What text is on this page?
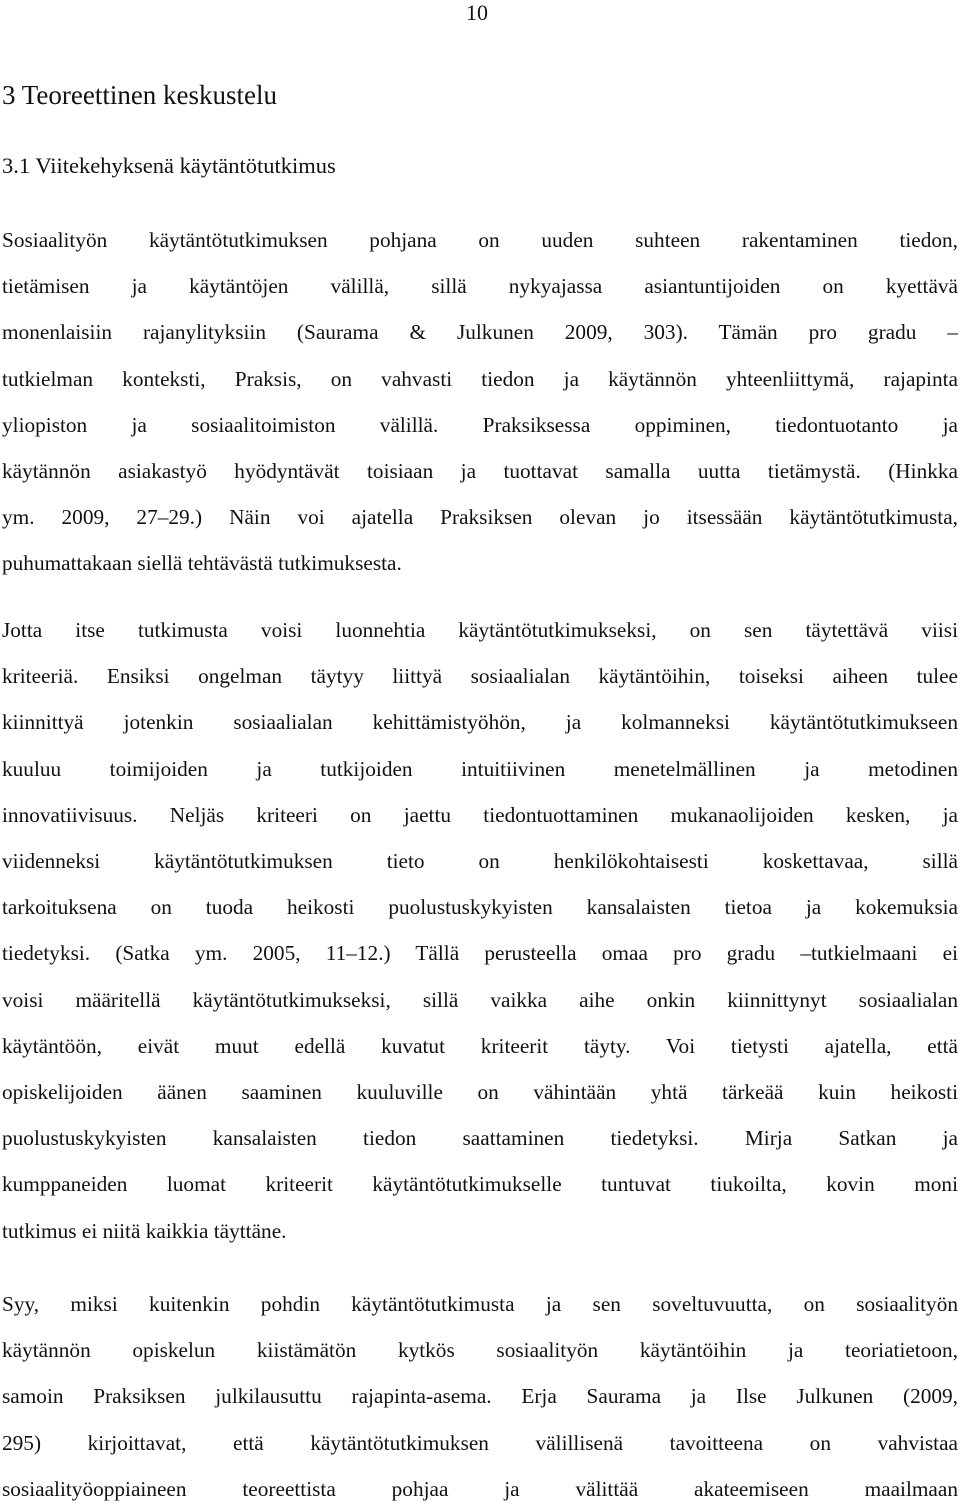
10
3 Teoreettinen keskustelu
3.1 Viitekehyksenä käytäntötutkimus
Sosiaalityön käytäntötutkimuksen pohjana on uuden suhteen rakentaminen tiedon,
tietämisen ja käytäntöjen välillä, sillä nykyajassa asiantuntijoiden on kyettävä
monenlaisiin rajanylityksiin (Saurama & Julkunen 2009, 303). Tämän pro gradu –
tutkielman konteksti, Praksis, on vahvasti tiedon ja käytännön yhteenliittymä, rajapinta
yliopiston ja sosiaalitoimiston välillä. Praksiksessa oppiminen, tiedontuotanto ja
käytännön asiakastyö hyödyntävät toisiaan ja tuottavat samalla uutta tietämystä. (Hinkka
ym. 2009, 27–29.) Näin voi ajatella Praksiksen olevan jo itsessään käytäntötutkimusta,
puhumattakaan siellä tehtävästä tutkimuksesta.
Jotta itse tutkimusta voisi luonnehtia käytäntötutkimukseksi, on sen täytettävä viisi
kriteeriä. Ensiksi ongelman täytyy liittyä sosiaalialan käytäntöihin, toiseksi aiheen tulee
kiinnittyä jotenkin sosiaalialan kehittämistyöhön, ja kolmanneksi käytäntötutkimukseen
kuuluu toimijoiden ja tutkijoiden intuitiivinen menetelmällinen ja metodinen
innovatiivisuus. Neljäs kriteeri on jaettu tiedontuottaminen mukanaolijoiden kesken, ja
viidenneksi käytäntötutkimuksen tieto on henkilökohtaisesti koskettavaa, sillä
tarkoituksena on tuoda heikosti puolustuskykyisten kansalaisten tietoa ja kokemuksia
tiedetyksi. (Satka ym. 2005, 11–12.) Tällä perusteella omaa pro gradu –tutkielmaani ei
voisi määritellä käytäntötutkimukseksi, sillä vaikka aihe onkin kiinnittynyt sosiaalialan
käytäntöön, eivät muut edellä kuvatut kriteerit täyty. Voi tietysti ajatella, että
opiskelijoiden äänen saaminen kuuluville on vähintään yhtä tärkeää kuin heikosti
puolustuskykyisten kansalaisten tiedon saattaminen tiedetyksi. Mirja Satkan ja
kumppaneiden luomat kriteerit käytäntötutkimukselle tuntuvat tiukoilta, kovin moni
tutkimus ei niitä kaikkia täyttäne.
Syy, miksi kuitenkin pohdin käytäntötutkimusta ja sen soveltuvuutta, on sosiaalityön
käytännön opiskelun kiistämätön kytkös sosiaalityön käytäntöihin ja teoriatietoon,
samoin Praksiksen julkilausuttu rajapinta-asema. Erja Saurama ja Ilse Julkunen (2009,
295) kirjoittavat, että käytäntötutkimuksen välillisenä tavoitteena on vahvistaa
sosiaalityöoppiaineen teoreettista pohjaa ja välittää akateemiseen maailmaan
